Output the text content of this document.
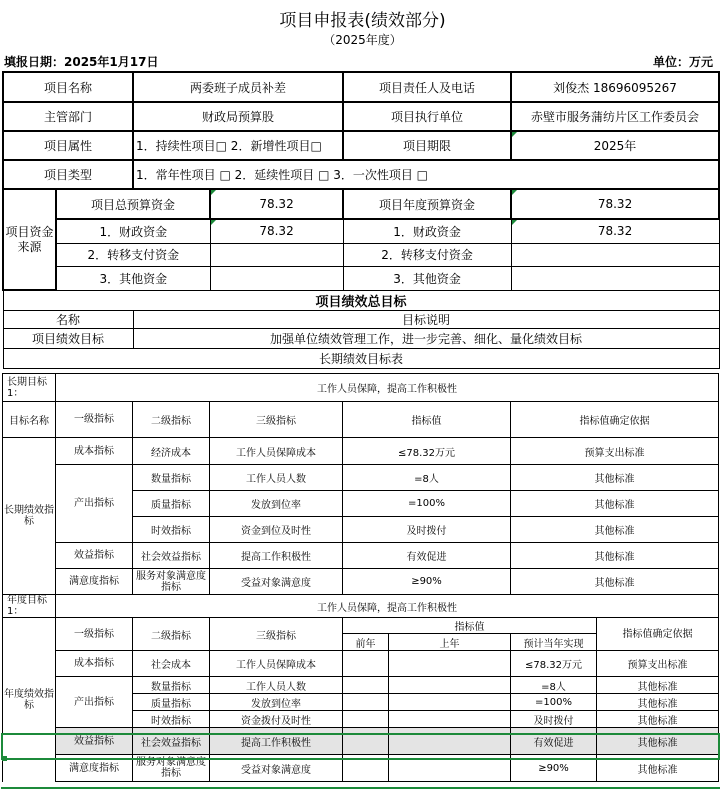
项目申报表(绩效部分)
（2025年度）
填报日期：2025年1月17日	单位：万元
项目名称		两委班子成员补差		项目责任人及电话	刘俊杰 18696095267
主管部门		财政局预算股		项目执行单位	赤壁市服务蒲纺片区工作委员会
项目属性		1．持续性项目□ 2．新增性项目□		项目期限	2025年
项目类型		1．常年性项目 □ 2．延续性项目 □ 3．一次性项目 □			
项目资金来源	项目总预算资金		78.32	项目年度预算资金	78.32
	1．财政资金		78.32	1．财政资金	78.32
	2．转移支付资金			2．转移支付资金	
	3．其他资金			3．其他资金	
项目绩效总目标					
名称		目标说明			
项目绩效目标		加强单位绩效管理工作，进一步完善、细化、量化绩效目标			
长期绩效目标表					
长期目标1：	工作人员保障，提高工作积极性						
目标名称	一级指标	二级指标	三级指标	指标值		指标值确定依据	
长期绩效指标	成本指标	经济成本	工作人员保障成本	≤78.32万元		预算支出标准	
	产出指标	数量指标	工作人员人数	=8人		其他标准	
		质量指标	发放到位率	=100%		其他标准	
		时效指标	资金到位及时性	及时拨付		其他标准	
	效益指标	社会效益指标	提高工作积极性	有效促进		其他标准	
	满意度指标	服务对象满意度指标	受益对象满意度	≥90%		其他标准	
年度目标1：	工作人员保障，提高工作积极性						
年度绩效指标	一级指标	二级指标	三级指标	指标值			指标值确定依据
				前年	上年	预计当年实现	
	成本指标	社会成本	工作人员保障成本			≤78.32万元	预算支出标准
	产出指标	数量指标	工作人员人数			=8人	其他标准
		质量指标	发放到位率			=100%	其他标准
		时效指标	资金拨付及时性			及时拨付	其他标准
	效益指标	社会效益指标	提高工作积极性			有效促进	其他标准
	满意度指标	服务对象满意度指标	受益对象满意度			≥90%	其他标准
